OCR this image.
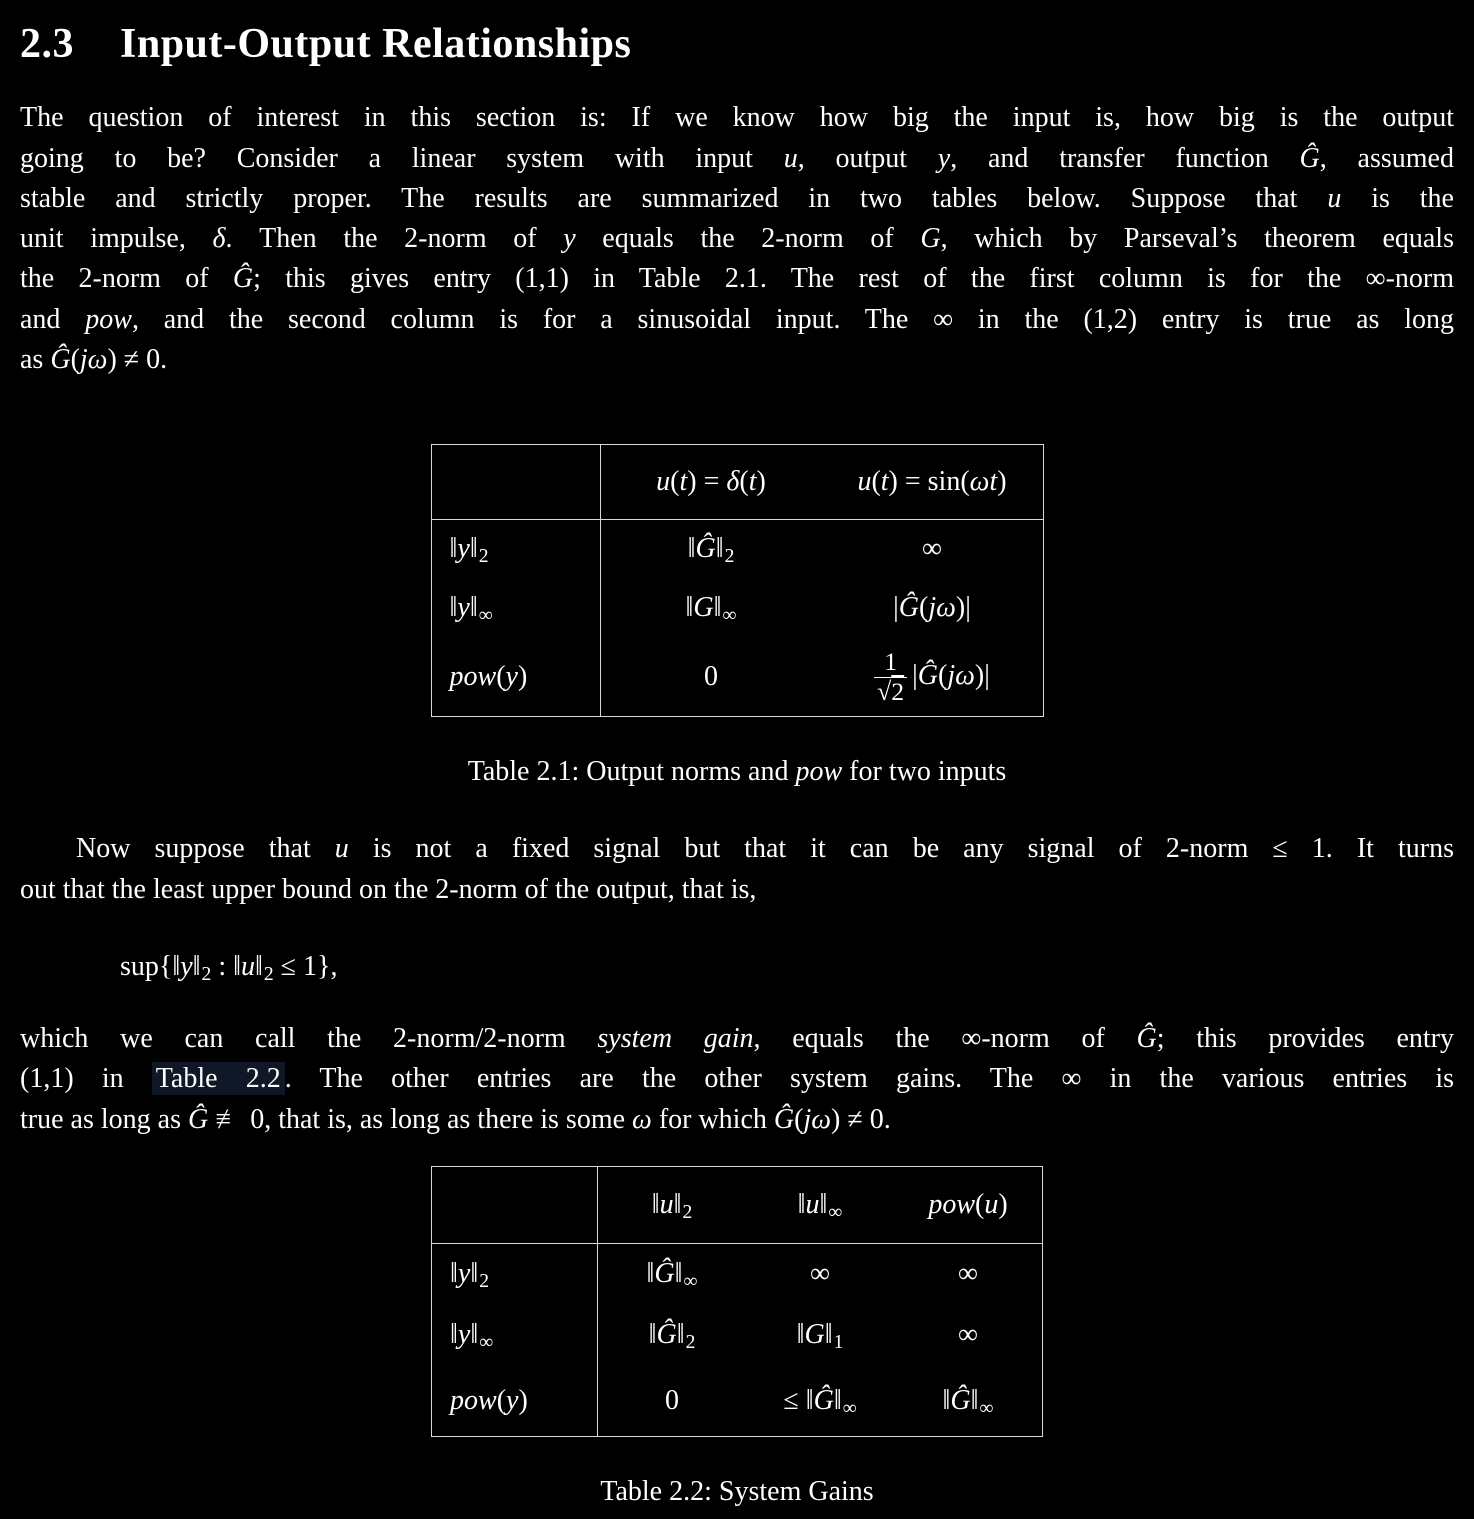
2.3 Input-Output Relationships
The question of interest in this section is: If we know how big the input is, how big is the output
going to be? Consider a linear system with input u, output y, and transfer function Ĝ, assumed
stable and strictly proper. The results are summarized in two tables below. Suppose that u is the
unit impulse, δ. Then the 2-norm of y equals the 2-norm of G, which by Parseval’s theorem equals
the 2-norm of Ĝ; this gives entry (1,1) in Table 2.1. The rest of the first column is for the ∞-norm
and pow, and the second column is for a sinusoidal input. The ∞ in the (1,2) entry is true as long
as Ĝ(jω) ≠ 0.
	u(t) = δ(t)	u(t) = sin(ωt)
‖y‖2	‖Ĝ‖2	∞
‖y‖∞	‖G‖∞	|Ĝ(jω)|
pow(y)	0	$\frac{1}{√2}$ |Ĝ(jω)|
Table 2.1: Output norms and pow for two inputs
Now suppose that u is not a fixed signal but that it can be any signal of 2-norm ≤ 1. It turns
out that the least upper bound on the 2-norm of the output, that is,
sup{‖y‖2 : ‖u‖2 ≤ 1},
which we can call the 2-norm/2-norm system gain, equals the ∞-norm of Ĝ; this provides entry
(1,1) in Table 2.2 . The other entries are the other system gains. The ∞ in the various entries is
true as long as Ĝ ≢ 0, that is, as long as there is some ω for which Ĝ(jω) ≠ 0.
	‖u‖2	‖u‖∞	pow(u)
‖y‖2	‖Ĝ‖∞	∞	∞
‖y‖∞	‖Ĝ‖2	‖G‖1	∞
pow(y)	0	≤ ‖Ĝ‖∞	‖Ĝ‖∞
Table 2.2: System Gains
